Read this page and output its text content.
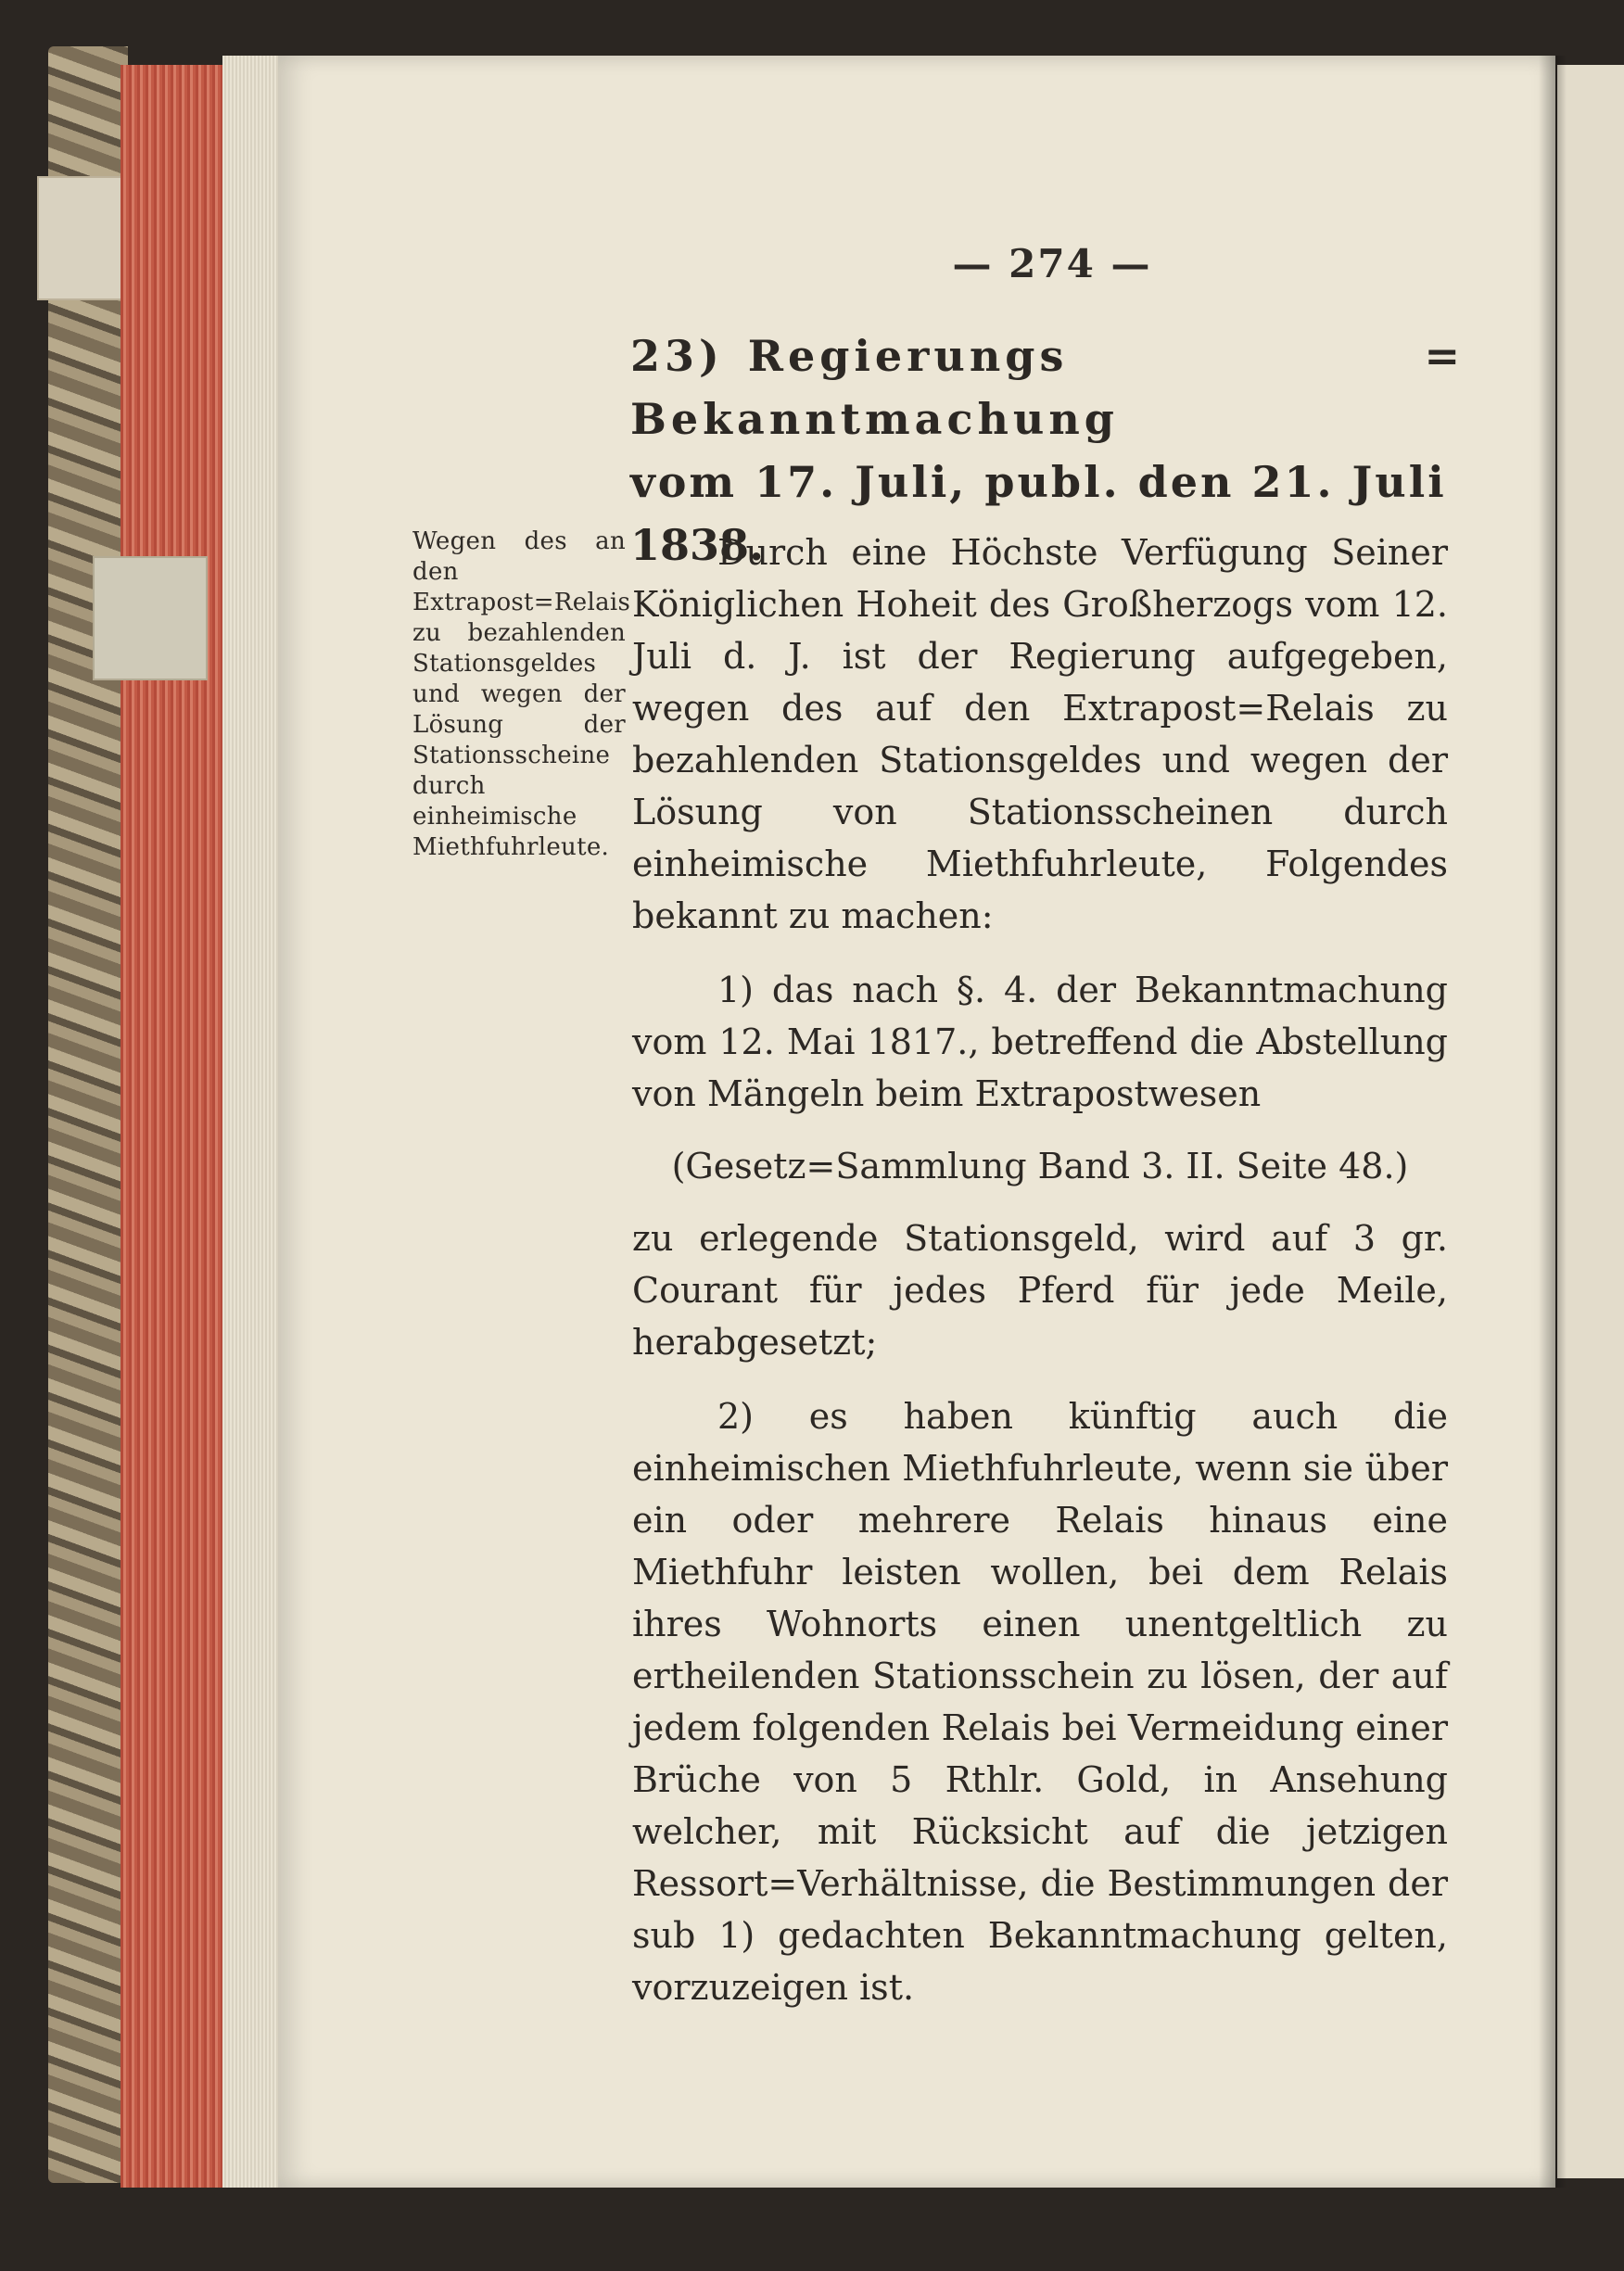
— 274 —
23) Regierungs = Bekanntmachung
vom 17. Juli, publ. den 21. Juli
1838.
Wegen des an den Extrapost=Relais zu bezahlenden Stationsgeldes und wegen der Lösung der Stationsscheine durch einheimische Miethfuhrleute.

Durch eine Höchste Verfügung Seiner Königlichen Hoheit des Großherzogs vom 12. Juli d. J. ist der Regierung aufgegeben, wegen des auf den Extrapost=Relais zu bezahlenden Stationsgeldes und wegen der Lösung von Stationsscheinen durch einheimische Miethfuhrleute, Folgendes bekannt zu machen:

1) das nach §. 4. der Bekanntmachung vom 12. Mai 1817., betreffend die Abstellung von Mängeln beim Extrapostwesen

(Gesetz=Sammlung Band 3. II. Seite 48.)

zu erlegende Stationsgeld, wird auf 3 gr. Courant für jedes Pferd für jede Meile, herabgesetzt;

2) es haben künftig auch die einheimischen Miethfuhrleute, wenn sie über ein oder mehrere Relais hinaus eine Miethfuhr leisten wollen, bei dem Relais ihres Wohnorts einen unentgeltlich zu ertheilenden Stationsschein zu lösen, der auf jedem folgenden Relais bei Vermeidung einer Brüche von 5 Rthlr. Gold, in Ansehung welcher, mit Rücksicht auf die jetzigen Ressort=Verhältnisse, die Bestimmungen der sub 1) gedachten Bekanntmachung gelten, vorzuzeigen ist.
